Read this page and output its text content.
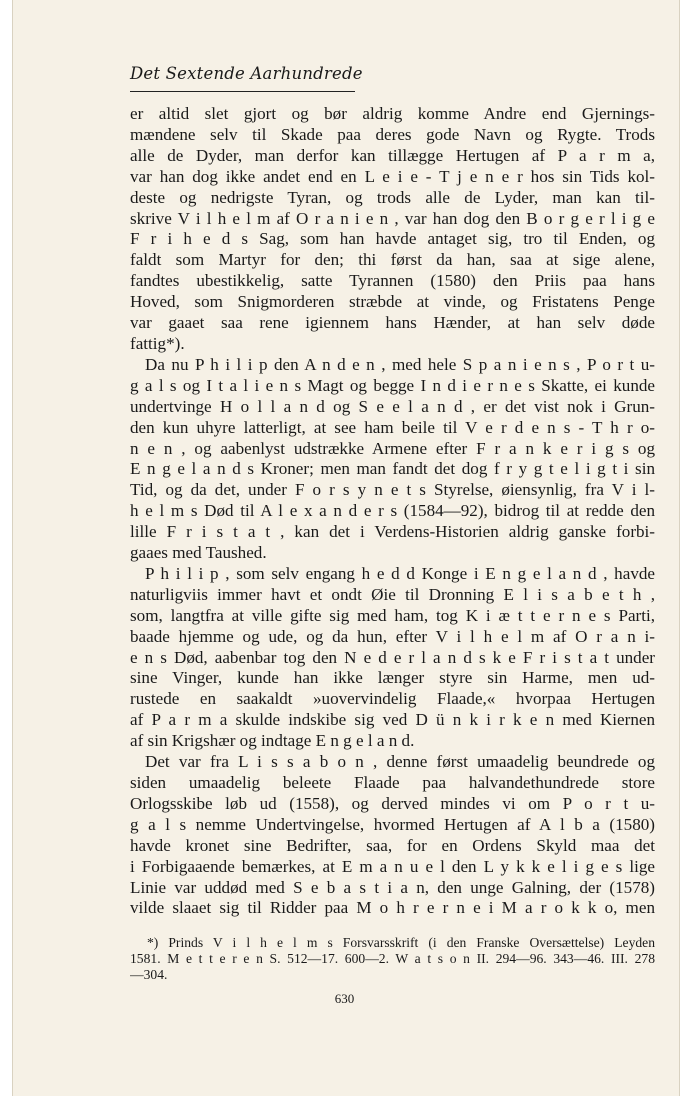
Det Sextende Aarhundrede

er altid slet gjort og bør aldrig komme Andre end Gjernings-

mændene selv til Skade paa deres gode Navn og Rygte. Trods

alle de Dyder, man derfor kan tillægge Hertugen af P a r m a,

var han dog ikke andet end en L e i e - T j e n e r hos sin Tids kol-

deste og nedrigste Tyran, og trods alle de Lyder, man kan til-

skrive V i l h e l m af O r a n i e n , var han dog den B o r g e r l i g e

F r i h e d s Sag, som han havde antaget sig, tro til Enden, og

faldt som Martyr for den; thi først da han, saa at sige alene,

fandtes ubestikkelig, satte Tyrannen (1580) den Priis paa hans

Hoved, som Snigmorderen stræbde at vinde, og Fristatens Penge

var gaaet saa rene igiennem hans Hænder, at han selv døde

fattig*).

Da nu P h i l i p den A n d e n , med hele S p a n i e n s , P o r t u-

g a l s og I t a l i e n s Magt og begge I n d i e r n e s Skatte, ei kunde

undertvinge H o l l a n d og S e e l a n d , er det vist nok i Grun-

den kun uhyre latterligt, at see ham beile til V e r d e n s - T h r o-

n e n , og aabenlyst udstrække Armene efter F r a n k e r i g s og

E n g e l a n d s Kroner; men man fandt det dog f r y g t e l i g t i sin

Tid, og da det, under F o r s y n e t s Styrelse, øiensynlig, fra V i l-

h e l m s Død til A l e x a n d e r s (1584—92), bidrog til at redde den

lille F r i s t a t , kan det i Verdens-Historien aldrig ganske forbi-

gaaes med Taushed.

P h i l i p , som selv engang h e d d Konge i E n g e l a n d , havde

naturligviis immer havt et ondt Øie til Dronning E l i s a b e t h ,

som, langtfra at ville gifte sig med ham, tog K i æ t t e r n e s Parti,

baade hjemme og ude, og da hun, efter V i l h e l m af O r a n i-

e n s Død, aabenbar tog den N e d e r l a n d s k e F r i s t a t under

sine Vinger, kunde han ikke længer styre sin Harme, men ud-

rustede en saakaldt »uovervindelig Flaade,« hvorpaa Hertugen

af P a r m a skulde indskibe sig ved D ü n k i r k e n med Kiernen

af sin Krigshær og indtage E n g e l a n d.

Det var fra L i s s a b o n , denne først umaadelig beundrede og

siden umaadelig beleete Flaade paa halvandethundrede store

Orlogsskibe løb ud (1558), og derved mindes vi om P o r t u-

g a l s nemme Undertvingelse, hvormed Hertugen af A l b a (1580)

havde kronet sine Bedrifter, saa, for en Ordens Skyld maa det

i Forbigaaende bemærkes, at E m a n u e l den L y k k e l i g e s lige

Linie var uddød med S e b a s t i a n, den unge Galning, der (1578)

vilde slaaet sig til Ridder paa M o h r e r n e i M a r o k k o, men

*) Prinds V i l h e l m s Forsvarsskrift (i den Franske Oversættelse) Leyden

1581. M e t t e r e n S. 512—17. 600—2. W a t s o n II. 294—96. 343—46. III. 278

—304.

630
